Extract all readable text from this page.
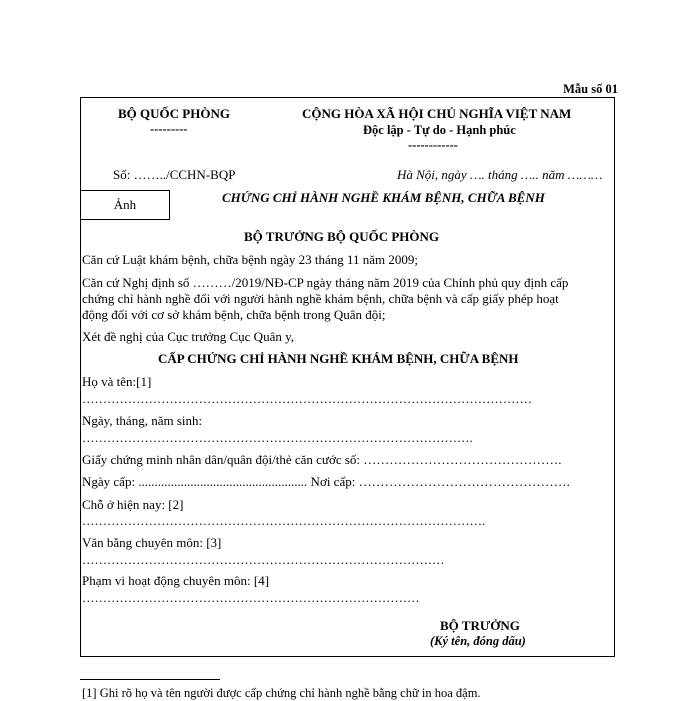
Mẫu số 01
BỘ QUỐC PHÒNG
---------
CỘNG HÒA XÃ HỘI CHỦ NGHĨA VIỆT NAM
Độc lập - Tự do - Hạnh phúc
------------
Số: ……../CCHN-BQP	Hà Nội, ngày …. tháng ….. năm ………
Ảnh	CHỨNG CHỈ HÀNH NGHỀ KHÁM BỆNH, CHỮA BỆNH
BỘ TRƯỞNG BỘ QUỐC PHÒNG
Căn cứ Luật khám bệnh, chữa bệnh ngày 23 tháng 11 năm 2009;
Căn cứ Nghị định số ………/2019/NĐ-CP ngày tháng năm 2019 của Chính phủ quy định cấp
chứng chỉ hành nghề đối với người hành nghề khám bệnh, chữa bệnh và cấp giấy phép hoạt
động đối với cơ sở khám bệnh, chữa bệnh trong Quân đội;
Xét đề nghị của Cục trưởng Cục Quân y,
CẤP CHỨNG CHỈ HÀNH NGHỀ KHÁM BỆNH, CHỮA BỆNH
Họ và tên:[1]
………………………………………………………………………………………………
Ngày, tháng, năm sinh:
………………………………………………………………………………….
Giấy chứng minh nhân dân/quân đội/thẻ căn cước số: ……………………………………….
Ngày cấp: .................................................... Nơi cấp: ………………………………………….
Chỗ ở hiện nay: [2]
…………………………………………………………………………………….
Văn bằng chuyên môn: [3]
……………………………………………………………………………
Phạm vi hoạt động chuyên môn: [4]
………………………………………………………………………
BỘ TRƯỞNG
(Ký tên, đóng dấu)
[1] Ghi rõ họ và tên người được cấp chứng chỉ hành nghề bằng chữ in hoa đậm.
